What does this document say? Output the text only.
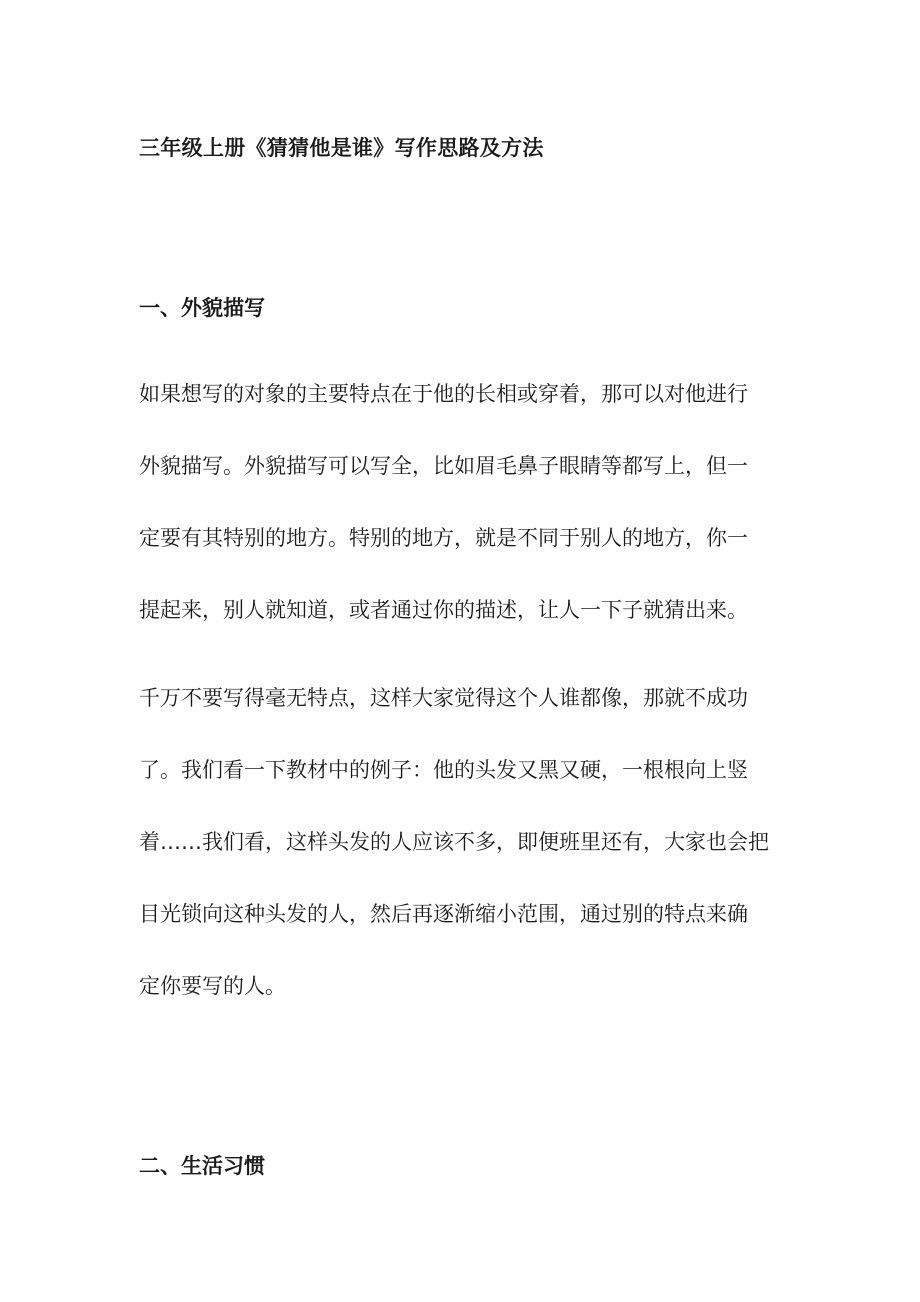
三年级上册《猜猜他是谁》写作思路及方法
一、外貌描写

如果想写的对象的主要特点在于他的长相或穿着，那可以对他进行
外貌描写。外貌描写可以写全，比如眉毛鼻子眼睛等都写上，但一
定要有其特别的地方。特别的地方，就是不同于别人的地方，你一
提起来，别人就知道，或者通过你的描述，让人一下子就猜出来。

千万不要写得毫无特点，这样大家觉得这个人谁都像，那就不成功
了。我们看一下教材中的例子：他的头发又黑又硬，一根根向上竖
着……我们看，这样头发的人应该不多，即便班里还有，大家也会把
目光锁向这种头发的人，然后再逐渐缩小范围，通过别的特点来确
定你要写的人。

二、生活习惯
